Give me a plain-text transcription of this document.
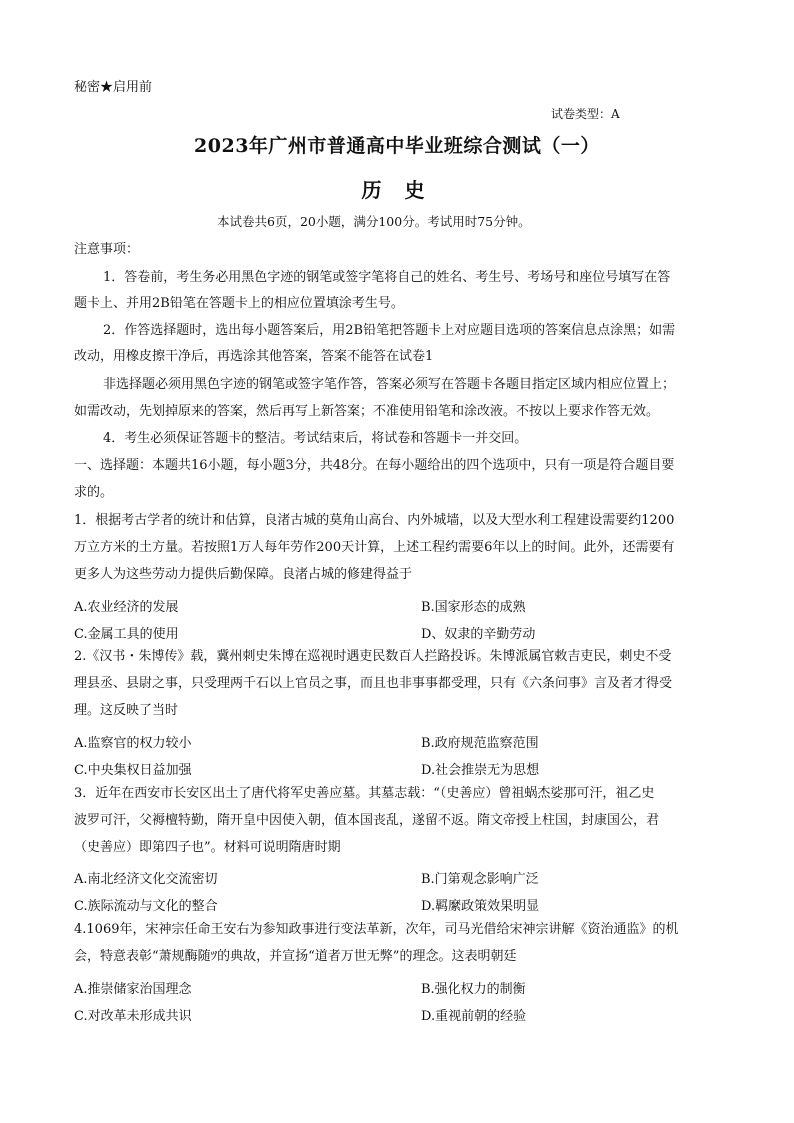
秘密★启用前
试卷类型：A
2023年广州市普通高中毕业班综合测试（一）
历 史
本试卷共6页，20小题，满分100分。考试用时75分钟。
注意事项：
1．答卷前，考生务必用黑色字迹的钢笔或签字笔将自己的姓名、考生号、考场号和座位号填写在答
题卡上、并用2B铅笔在答题卡上的相应位置填涂考生号。
2．作答选择题时，选出每小题答案后，用2B铅笔把答题卡上对应题目选项的答案信息点涂黑；如需
改动，用橡皮擦干净后，再选涂其他答案，答案不能答在试卷1
非选择题必须用黑色字迹的钢笔或签字笔作答，答案必须写在答题卡各题目指定区域内相应位置上；
如需改动，先划掉原来的答案，然后再写上新答案；不准使用铅笔和涂改液。不按以上要求作答无效。
4．考生必须保证答题卡的整洁。考试结束后，将试卷和答题卡一并交回。
一、选择题：本题共16小题，每小题3分，共48分。在每小题给出的四个选项中，只有一项是符合题目要
求的。
1．根据考古学者的统计和估算，良渚古城的莫角山高台、内外城墙，以及大型水利工程建设需要约1200
万立方米的土方量。若按照1万人每年劳作200天计算，上述工程约需要6年以上的时间。此外，还需要有
更多人为这些劳动力提供后勤保障。良渚占城的修建得益于
A.农业经济的发展	B.国家形态的成熟
C.金属工具的使用	D、奴隶的辛勤劳动
2.《汉书・朱博传》载，冀州刺史朱博在巡视时遇吏民数百人拦路投诉。朱博派属官敕吉吏民，刺史不受
理县丞、县尉之事，只受理两千石以上官员之事，而且也非事事都受理，只有《六条问事》言及者才得受
理。这反映了当时
A.监察官的权力较小	B.政府规范监察范围
C.中央集权日益加强	D.社会推崇无为思想
3．近年在西安市长安区出土了唐代将军史善应墓。其墓志载：“（史善应）曾祖蜗杰娑那可汗，祖乙史
波罗可汗，父褥檀特勤，隋开皇中因使入朝，值本国丧乱，遂留不返。隋文帝授上柱国，封康国公，君
（史善应）即第四子也”。材料可说明隋唐时期
A.南北经济文化交流密切	B.门第观念影响广泛
C.族际流动与文化的整合	D.羁縻政策效果明显
4.1069年，宋神宗任命王安右为参知政事进行变法革新，次年，司马光借给宋神宗讲解《资治通监》的机
会，特意表彰“萧规酶随ﾂ的典故，并宣扬“道者万世无弊”的理念。这表明朝廷
A.推崇储家治国理念	B.强化权力的制衡
C.对改革未形成共识	D.重视前朝的经验
